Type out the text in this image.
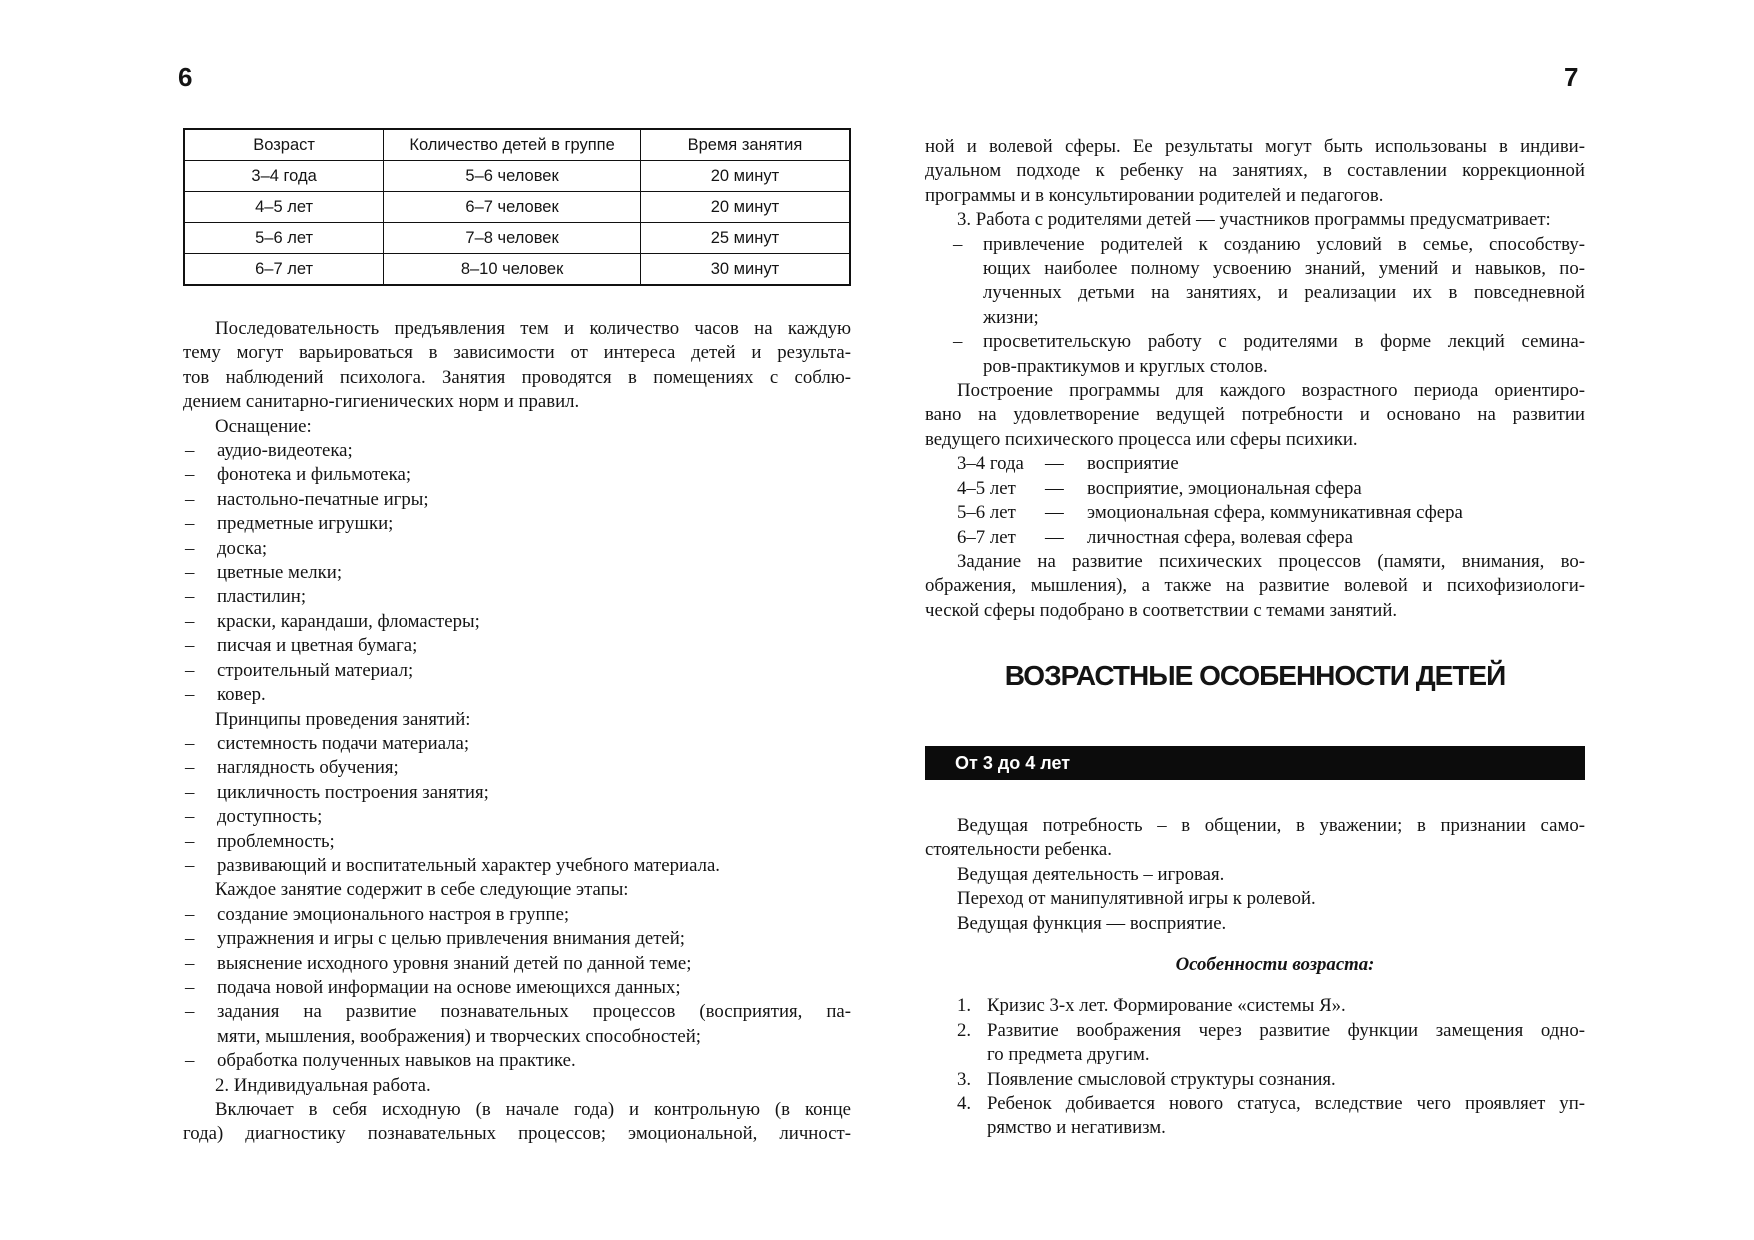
6
Возраст	Количество детей в группе	Время занятия
3–4 года	5–6 человек	20 минут
4–5 лет	6–7 человек	20 минут
5–6 лет	7–8 человек	25 минут
6–7 лет	8–10 человек	30 минут

Последовательность предъявления тем и количество часов на каждую

тему могут варьироваться в зависимости от интереса детей и результа-

тов наблюдений психолога. Занятия проводятся в помещениях с соблю-

дением санитарно-гигиенических норм и правил.

Оснащение:

– аудио-видеотека;
– фонотека и фильмотека;
– настольно-печатные игры;
– предметные игрушки;
– доска;
– цветные мелки;
– пластилин;
– краски, карандаши, фломастеры;
– писчая и цветная бумага;
– строительный материал;
– ковер.

Принципы проведения занятий:

– системность подачи материала;
– наглядность обучения;
– цикличность построения занятия;
– доступность;
– проблемность;
– развивающий и воспитательный характер учебного материала.

Каждое занятие содержит в себе следующие этапы:

– создание эмоционального настроя в группе;
– упражнения и игры с целью привлечения внимания детей;
– выяснение исходного уровня знаний детей по данной теме;
– подача новой информации на основе имеющихся данных;

– задания на развитие познавательных процессов (восприятия, па-

мяти, мышления, воображения) и творческих способностей;

– обработка полученных навыков на практике.

2. Индивидуальная работа.

Включает в себя исходную (в начале года) и контрольную (в конце

года) диагностику познавательных процессов; эмоциональной, личност-

7

ной и волевой сферы. Ее результаты могут быть использованы в индиви-

дуальном подходе к ребенку на занятиях, в составлении коррекционной

программы и в консультировании родителей и педагогов.

3. Работа с родителями детей — участников программы предусматривает:

– привлечение родителей к созданию условий в семье, способству-

ющих наиболее полному усвоению знаний, умений и навыков, по-

лученных детьми на занятиях, и реализации их в повседневной

жизни;

– просветительскую работу с родителями в форме лекций семина-

ров-практикумов и круглых столов.

Построение программы для каждого возрастного периода ориентиро-

вано на удовлетворение ведущей потребности и основано на развитии

ведущего психического процесса или сферы психики.

3–4 года	—	восприятие
4–5 лет	—	восприятие, эмоциональная сфера
5–6 лет	—	эмоциональная сфера, коммуникативная сфера
6–7 лет	—	личностная сфера, волевая сфера

Задание на развитие психических процессов (памяти, внимания, во-

ображения, мышления), а также на развитие волевой и психофизиологи-

ческой сферы подобрано в соответствии с темами занятий.

ВОЗРАСТНЫЕ ОСОБЕННОСТИ ДЕТЕЙ
От 3 до 4 лет

Ведущая потребность – в общении, в уважении; в признании само-

стоятельности ребенка.

Ведущая деятельность – игровая.

Переход от манипулятивной игры к ролевой.

Ведущая функция — восприятие.

Особенности возраста:

1. Кризис 3-х лет. Формирование «системы Я».

2. Развитие воображения через развитие функции замещения одно-

го предмета другим.

3. Появление смысловой структуры сознания.

4. Ребенок добивается нового статуса, вследствие чего проявляет уп-

рямство и негативизм.
